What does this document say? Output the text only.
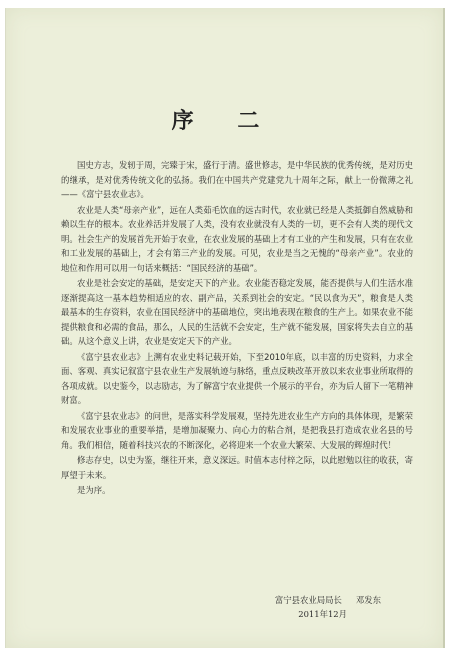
序 二

国史方志，发轫于周，完臻于宋，盛行于清。盛世修志，是中华民族的优秀传统，是对历史的继承，是对优秀传统文化的弘扬。我们在中国共产党建党九十周年之际，献上一份微薄之礼——《富宁县农业志》。

农业是人类“母亲产业”，远在人类茹毛饮血的远古时代，农业就已经是人类抵御自然威胁和赖以生存的根本。农业养活并发展了人类，没有农业就没有人类的一切，更不会有人类的现代文明。社会生产的发展首先开始于农业，在农业发展的基础上才有工业的产生和发展，只有在农业和工业发展的基础上，才会有第三产业的发展。可见，农业是当之无愧的“母亲产业”。农业的地位和作用可以用一句话来概括：“国民经济的基础”。

农业是社会安定的基础，是安定天下的产业。农业能否稳定发展，能否提供与人们生活水准逐渐提高这一基本趋势相适应的农、副产品，关系到社会的安定。“民以食为天”，粮食是人类最基本的生存资料，农业在国民经济中的基础地位，突出地表现在粮食的生产上。如果农业不能提供粮食和必需的食品，那么，人民的生活就不会安定，生产就不能发展，国家将失去自立的基础。从这个意义上讲，农业是安定天下的产业。

《富宁县农业志》上溯有农业史料记载开始，下至2010年底，以丰富的历史资料，力求全面、客观、真实记叙富宁县农业生产发展轨迹与脉络，重点反映改革开放以来农业事业所取得的各项成就。以史鉴今，以志励志，为了解富宁农业提供一个展示的平台，亦为后人留下一笔精神财富。

《富宁县农业志》的问世，是落实科学发展观，坚持先进农业生产方向的具体体现，是繁荣和发展农业事业的重要举措，是增加凝聚力、向心力的粘合剂，是把我县打造成农业名县的号角。我们相信，随着科技兴农的不断深化，必将迎来一个农业大繁荣、大发展的辉煌时代！

修志存史，以史为鉴，继往开来，意义深远。时值本志付梓之际，以此慰勉以往的收获，寄厚望于未来。

是为序。

富宁县农业局局长 邓发东
2011年12月
